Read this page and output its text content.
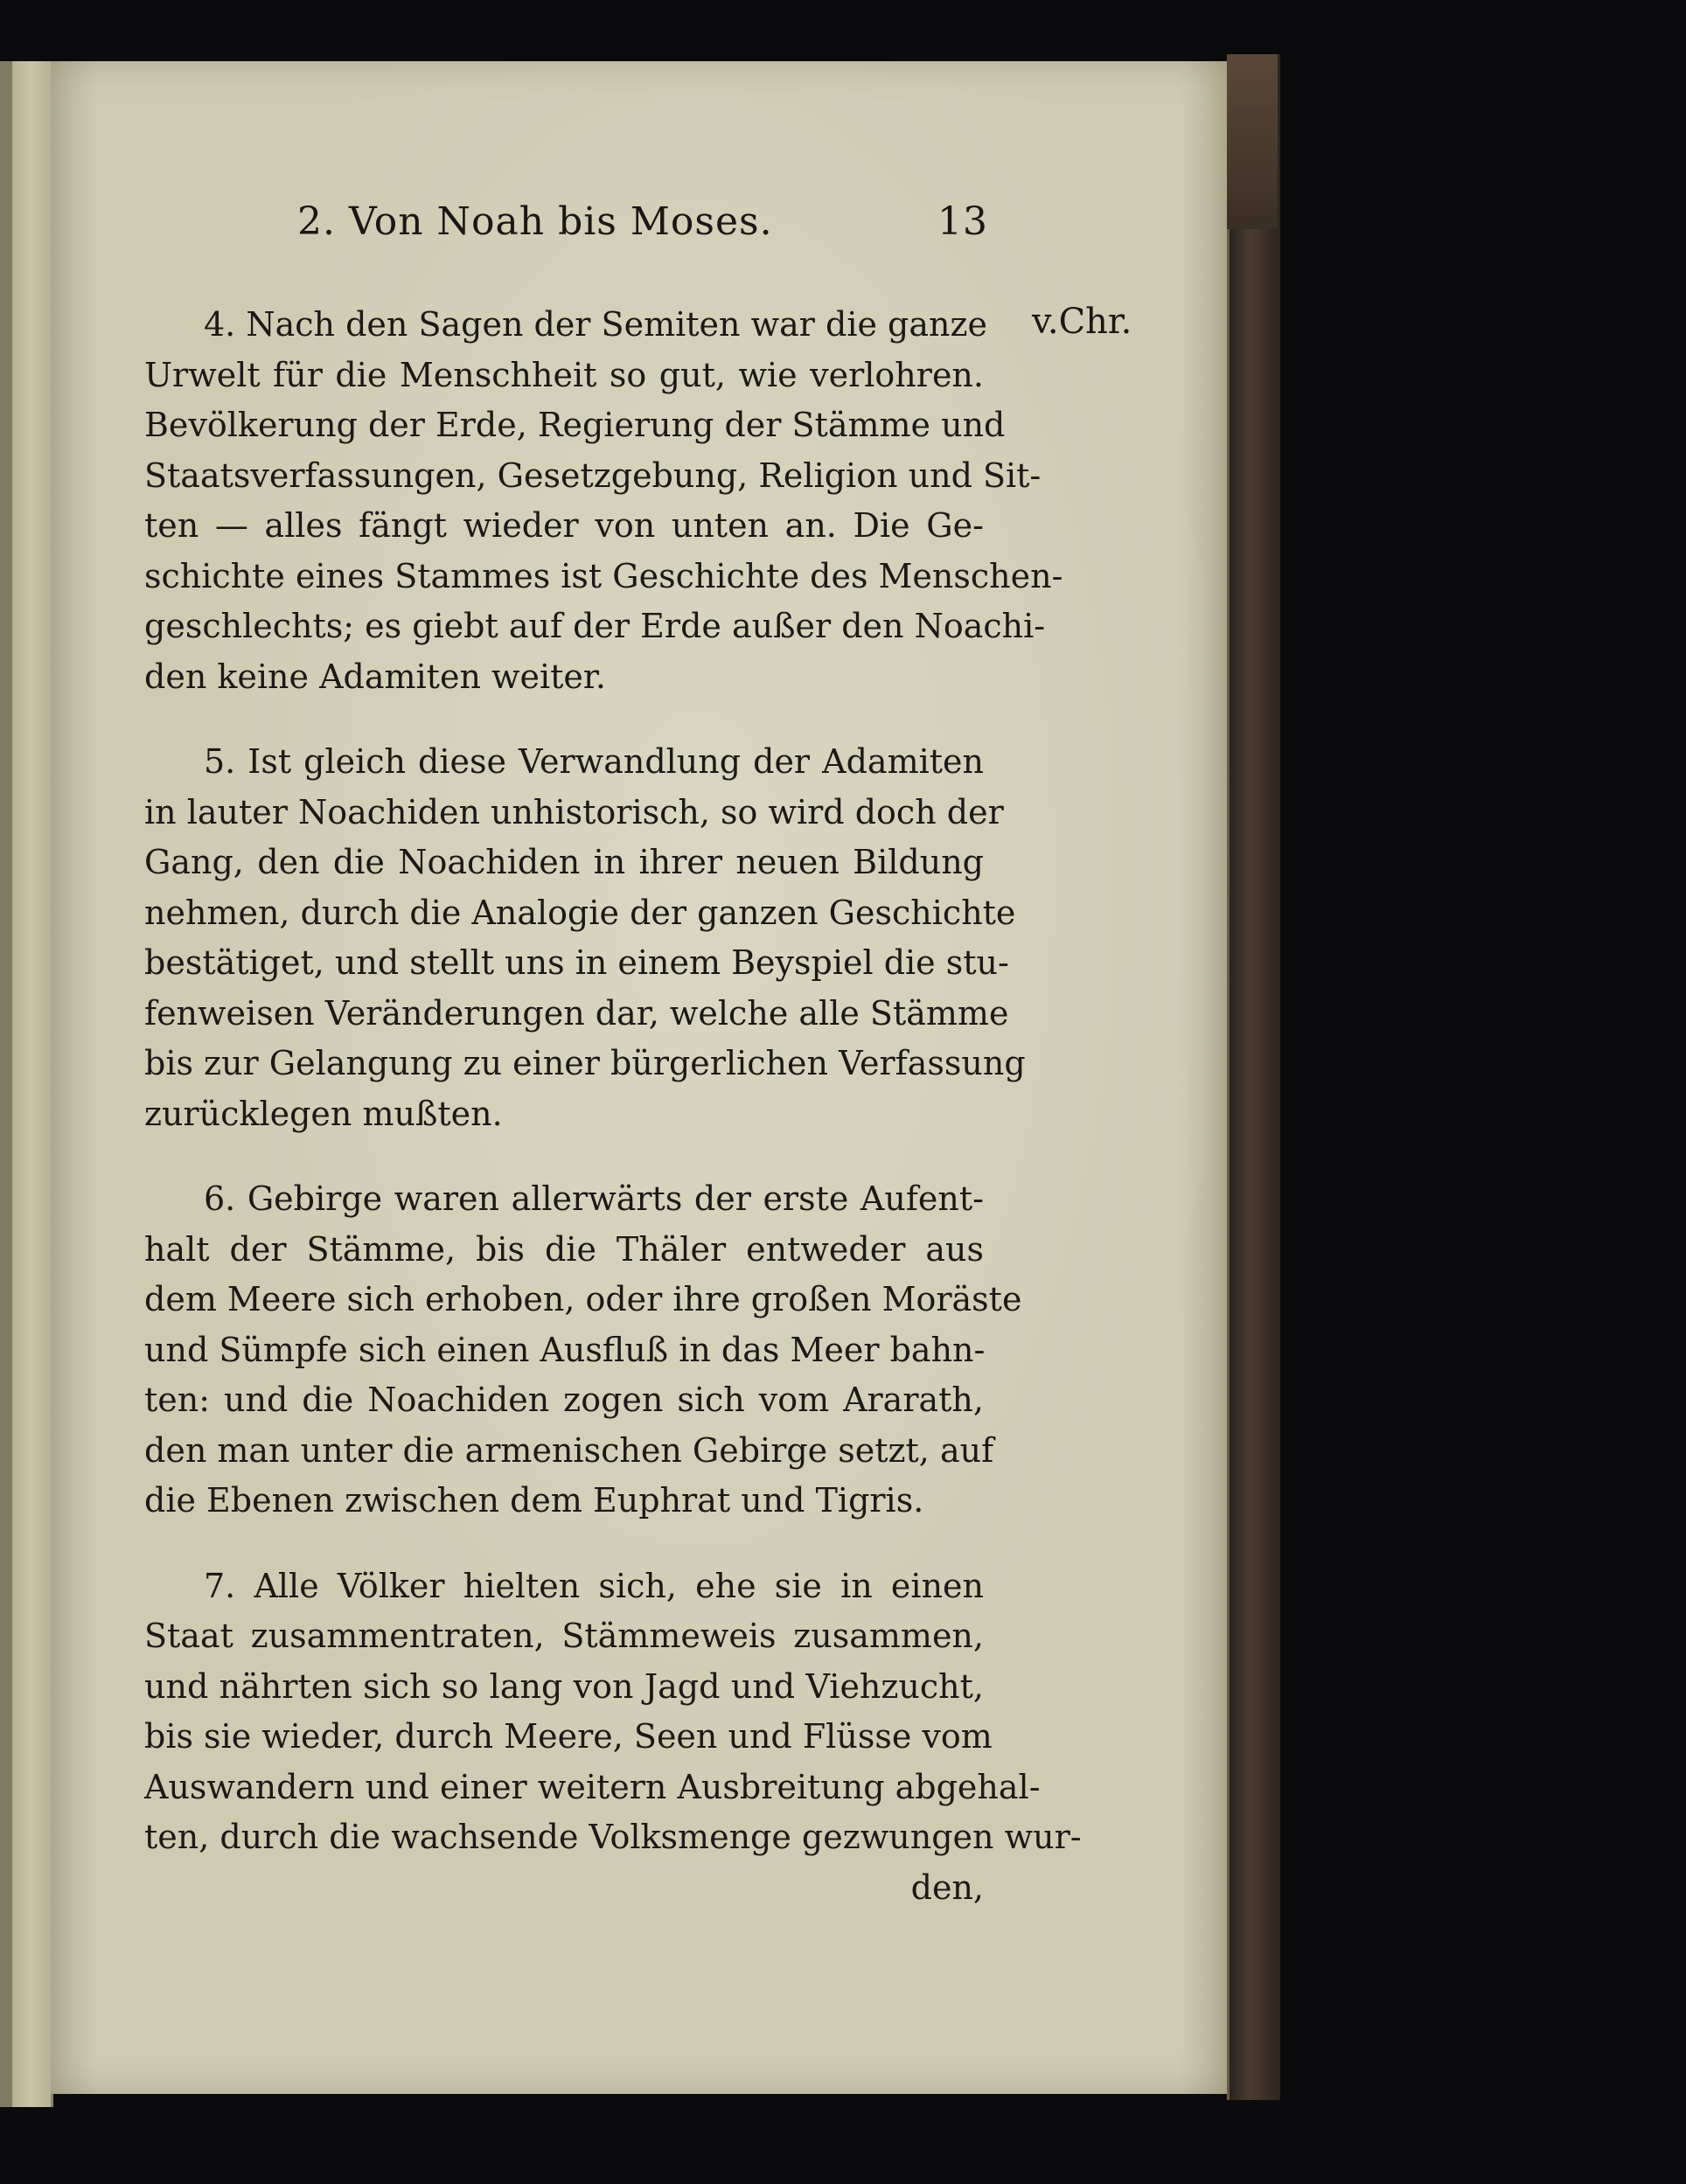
2. Von Noah bis Moses.	13
v.Chr.
4. Nach den Sagen der Semiten war die ganze
Urwelt für die Menschheit so gut, wie verlohren.
Bevölkerung der Erde, Regierung der Stämme und
Staatsverfassungen, Gesetzgebung, Religion und Sit-
ten — alles fängt wieder von unten an. Die Ge-
schichte eines Stammes ist Geschichte des Menschen-
geschlechts; es giebt auf der Erde außer den Noachi-
den keine Adamiten weiter.
5. Ist gleich diese Verwandlung der Adamiten
in lauter Noachiden unhistorisch, so wird doch der
Gang, den die Noachiden in ihrer neuen Bildung
nehmen, durch die Analogie der ganzen Geschichte
bestätiget, und stellt uns in einem Beyspiel die stu-
fenweisen Veränderungen dar, welche alle Stämme
bis zur Gelangung zu einer bürgerlichen Verfassung
zurücklegen mußten.
6. Gebirge waren allerwärts der erste Aufent-
halt der Stämme, bis die Thäler entweder aus
dem Meere sich erhoben, oder ihre großen Moräste
und Sümpfe sich einen Ausfluß in das Meer bahn-
ten: und die Noachiden zogen sich vom Ararath,
den man unter die armenischen Gebirge setzt, auf
die Ebenen zwischen dem Euphrat und Tigris.
7. Alle Völker hielten sich, ehe sie in einen
Staat zusammentraten, Stämmeweis zusammen,
und nährten sich so lang von Jagd und Viehzucht,
bis sie wieder, durch Meere, Seen und Flüsse vom
Auswandern und einer weitern Ausbreitung abgehal-
ten, durch die wachsende Volksmenge gezwungen wur-
den,
